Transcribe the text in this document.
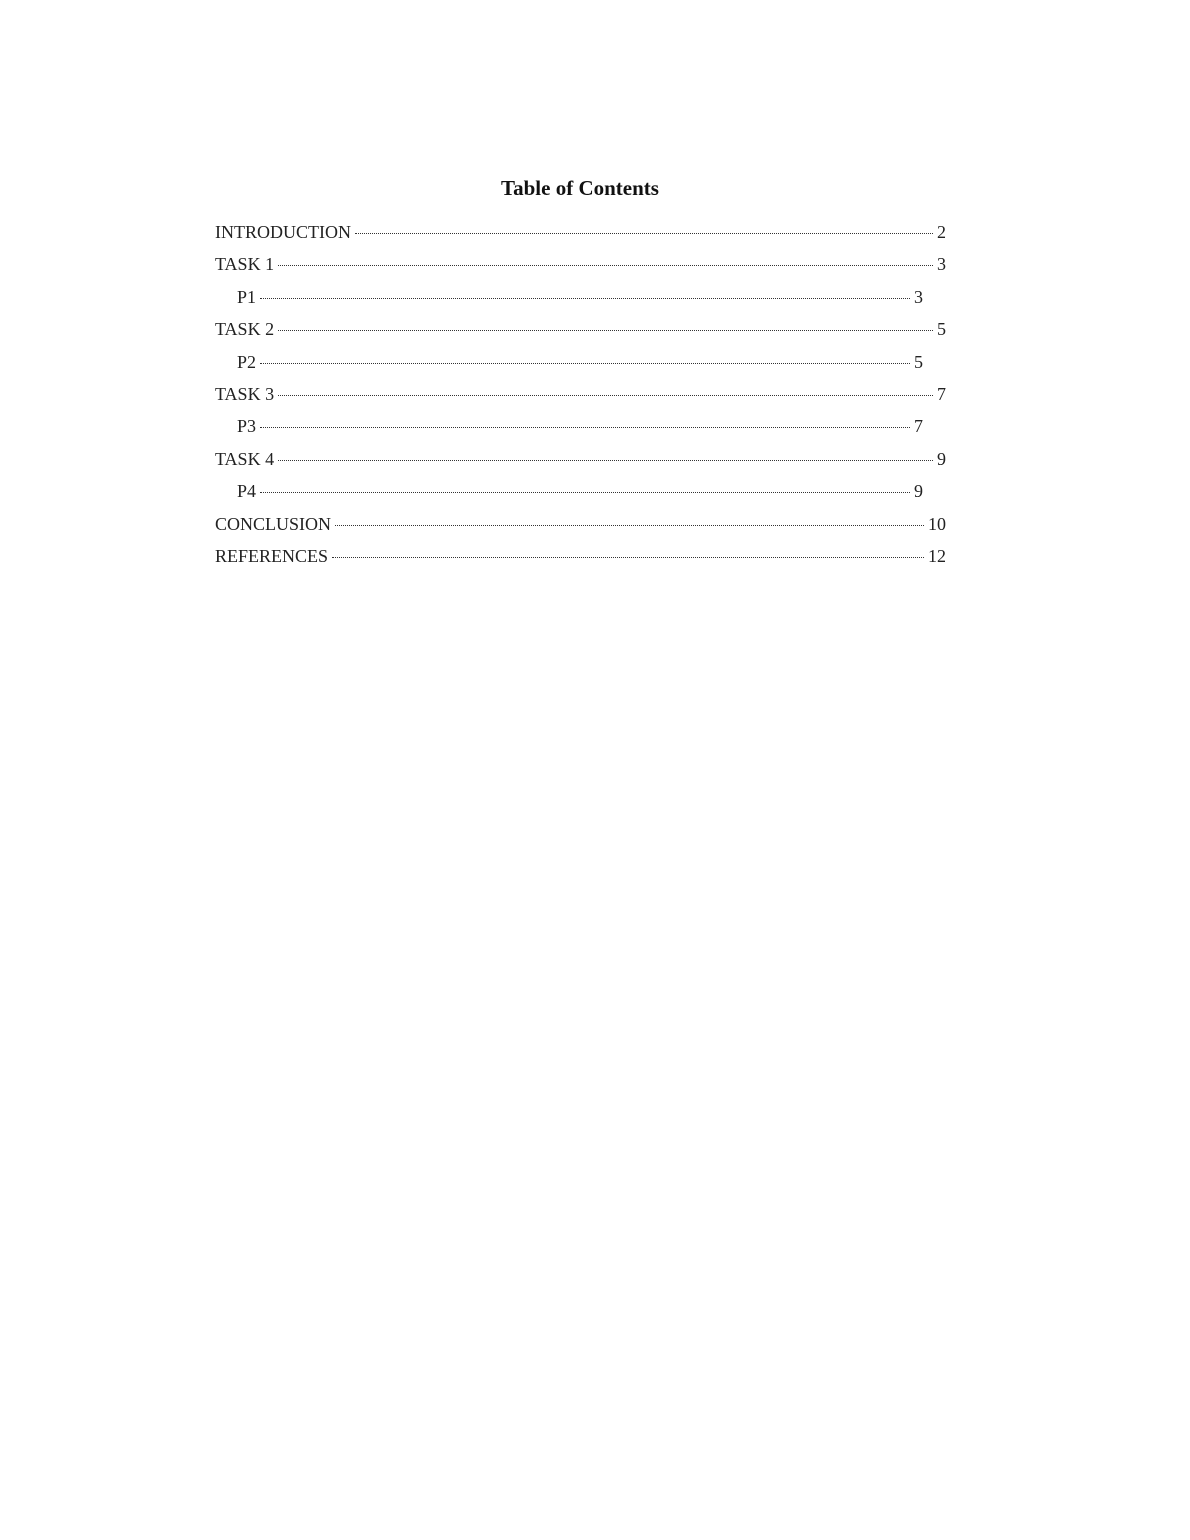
Table of Contents
INTRODUCTION	2
TASK 1	3
P1	3
TASK 2	5
P2	5
TASK 3	7
P3	7
TASK 4	9
P4	9
CONCLUSION	10
REFERENCES	12
